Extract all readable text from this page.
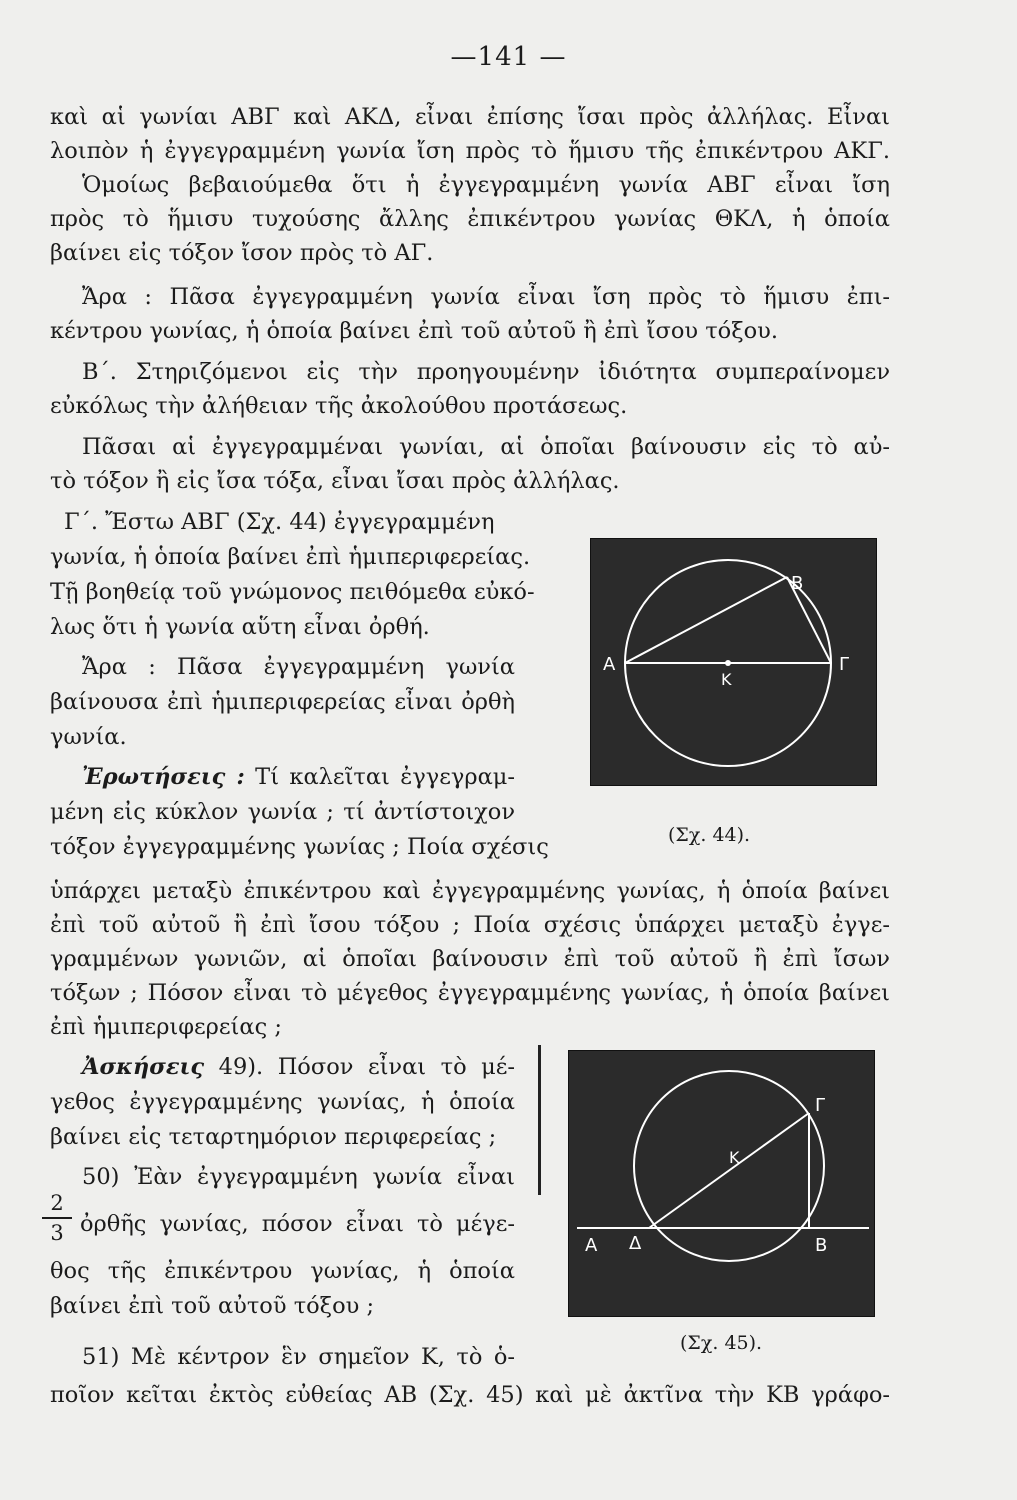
—141 —
καὶ αἱ γωνίαι ΑΒΓ καὶ ΑΚΔ, εἶναι ἐπίσης ἴσαι πρὸς ἀλλήλας. Εἶναι
λοιπὸν ἡ ἐγγεγραμμένη γωνία ἴση πρὸς τὸ ἥμισυ τῆς ἐπικέντρου ΑΚΓ.
Ὁμοίως βεβαιούμεθα ὅτι ἡ ἐγγεγραμμένη γωνία ΑΒΓ εἶναι ἴση
πρὸς τὸ ἥμισυ τυχούσης ἄλλης ἐπικέντρου γωνίας ΘΚΛ, ἡ ὁποία
βαίνει εἰς τόξον ἴσον πρὸς τὸ ΑΓ.
Ἄρα : Πᾶσα ἐγγεγραμμένη γωνία εἶναι ἴση πρὸς τὸ ἥμισυ ἐπι-
κέντρου γωνίας, ἡ ὁποία βαίνει ἐπὶ τοῦ αὐτοῦ ἢ ἐπὶ ἴσου τόξου.
Β΄. Στηριζόμενοι εἰς τὴν προηγουμένην ἰδιότητα συμπεραίνομεν
εὐκόλως τὴν ἀλήθειαν τῆς ἀκολούθου προτάσεως.
Πᾶσαι αἱ ἐγγεγραμμέναι γωνίαι, αἱ ὁποῖαι βαίνουσιν εἰς τὸ αὐ-
τὸ τόξον ἢ εἰς ἴσα τόξα, εἶναι ἴσαι πρὸς ἀλλήλας.
Γ΄. Ἔστω ΑΒΓ (Σχ. 44) ἐγγεγραμμένη
γωνία, ἡ ὁποία βαίνει ἐπὶ ἡμιπεριφερείας.
Τῇ βοηθείᾳ τοῦ γνώμονος πειθόμεθα εὐκό-
λως ὅτι ἡ γωνία αὕτη εἶναι ὀρθή.
Ἄρα : Πᾶσα ἐγγεγραμμένη γωνία
βαίνουσα ἐπὶ ἡμιπεριφερείας εἶναι ὀρθὴ
γωνία.
Ἐρωτήσεις : Τί καλεῖται ἐγγεγραμ-
μένη εἰς κύκλον γωνία ; τί ἀντίστοιχον
τόξον ἐγγεγραμμένης γωνίας ; Ποία σχέσις
Α
Β
Γ
Κ
(Σχ. 44).
ὑπάρχει μεταξὺ ἐπικέντρου καὶ ἐγγεγραμμένης γωνίας, ἡ ὁποία βαίνει
ἐπὶ τοῦ αὐτοῦ ἢ ἐπὶ ἴσου τόξου ; Ποία σχέσις ὑπάρχει μεταξὺ ἐγγε-
γραμμένων γωνιῶν, αἱ ὁποῖαι βαίνουσιν ἐπὶ τοῦ αὐτοῦ ἢ ἐπὶ ἴσων
τόξων ; Πόσον εἶναι τὸ μέγεθος ἐγγεγραμμένης γωνίας, ἡ ὁποία βαίνει
ἐπὶ ἡμιπεριφερείας ;
Ἀσκήσεις 49). Πόσον εἶναι τὸ μέ-
γεθος ἐγγεγραμμένης γωνίας, ἡ ὁποία
βαίνει εἰς τεταρτημόριον περιφερείας ;
50) Ἐὰν ἐγγεγραμμένη γωνία εἶναι
2
3 ὀρθῆς γωνίας, πόσον εἶναι τὸ μέγε-
θος τῆς ἐπικέντρου γωνίας, ἡ ὁποία
βαίνει ἐπὶ τοῦ αὐτοῦ τόξου ;
Α Δ	Β
Γ
Κ
(Σχ. 45).
51) Μὲ κέντρον ἓν σημεῖον Κ, τὸ ὁ-
ποῖον κεῖται ἐκτὸς εὐθείας ΑΒ (Σχ. 45) καὶ μὲ ἀκτῖνα τὴν ΚΒ γράφο-
